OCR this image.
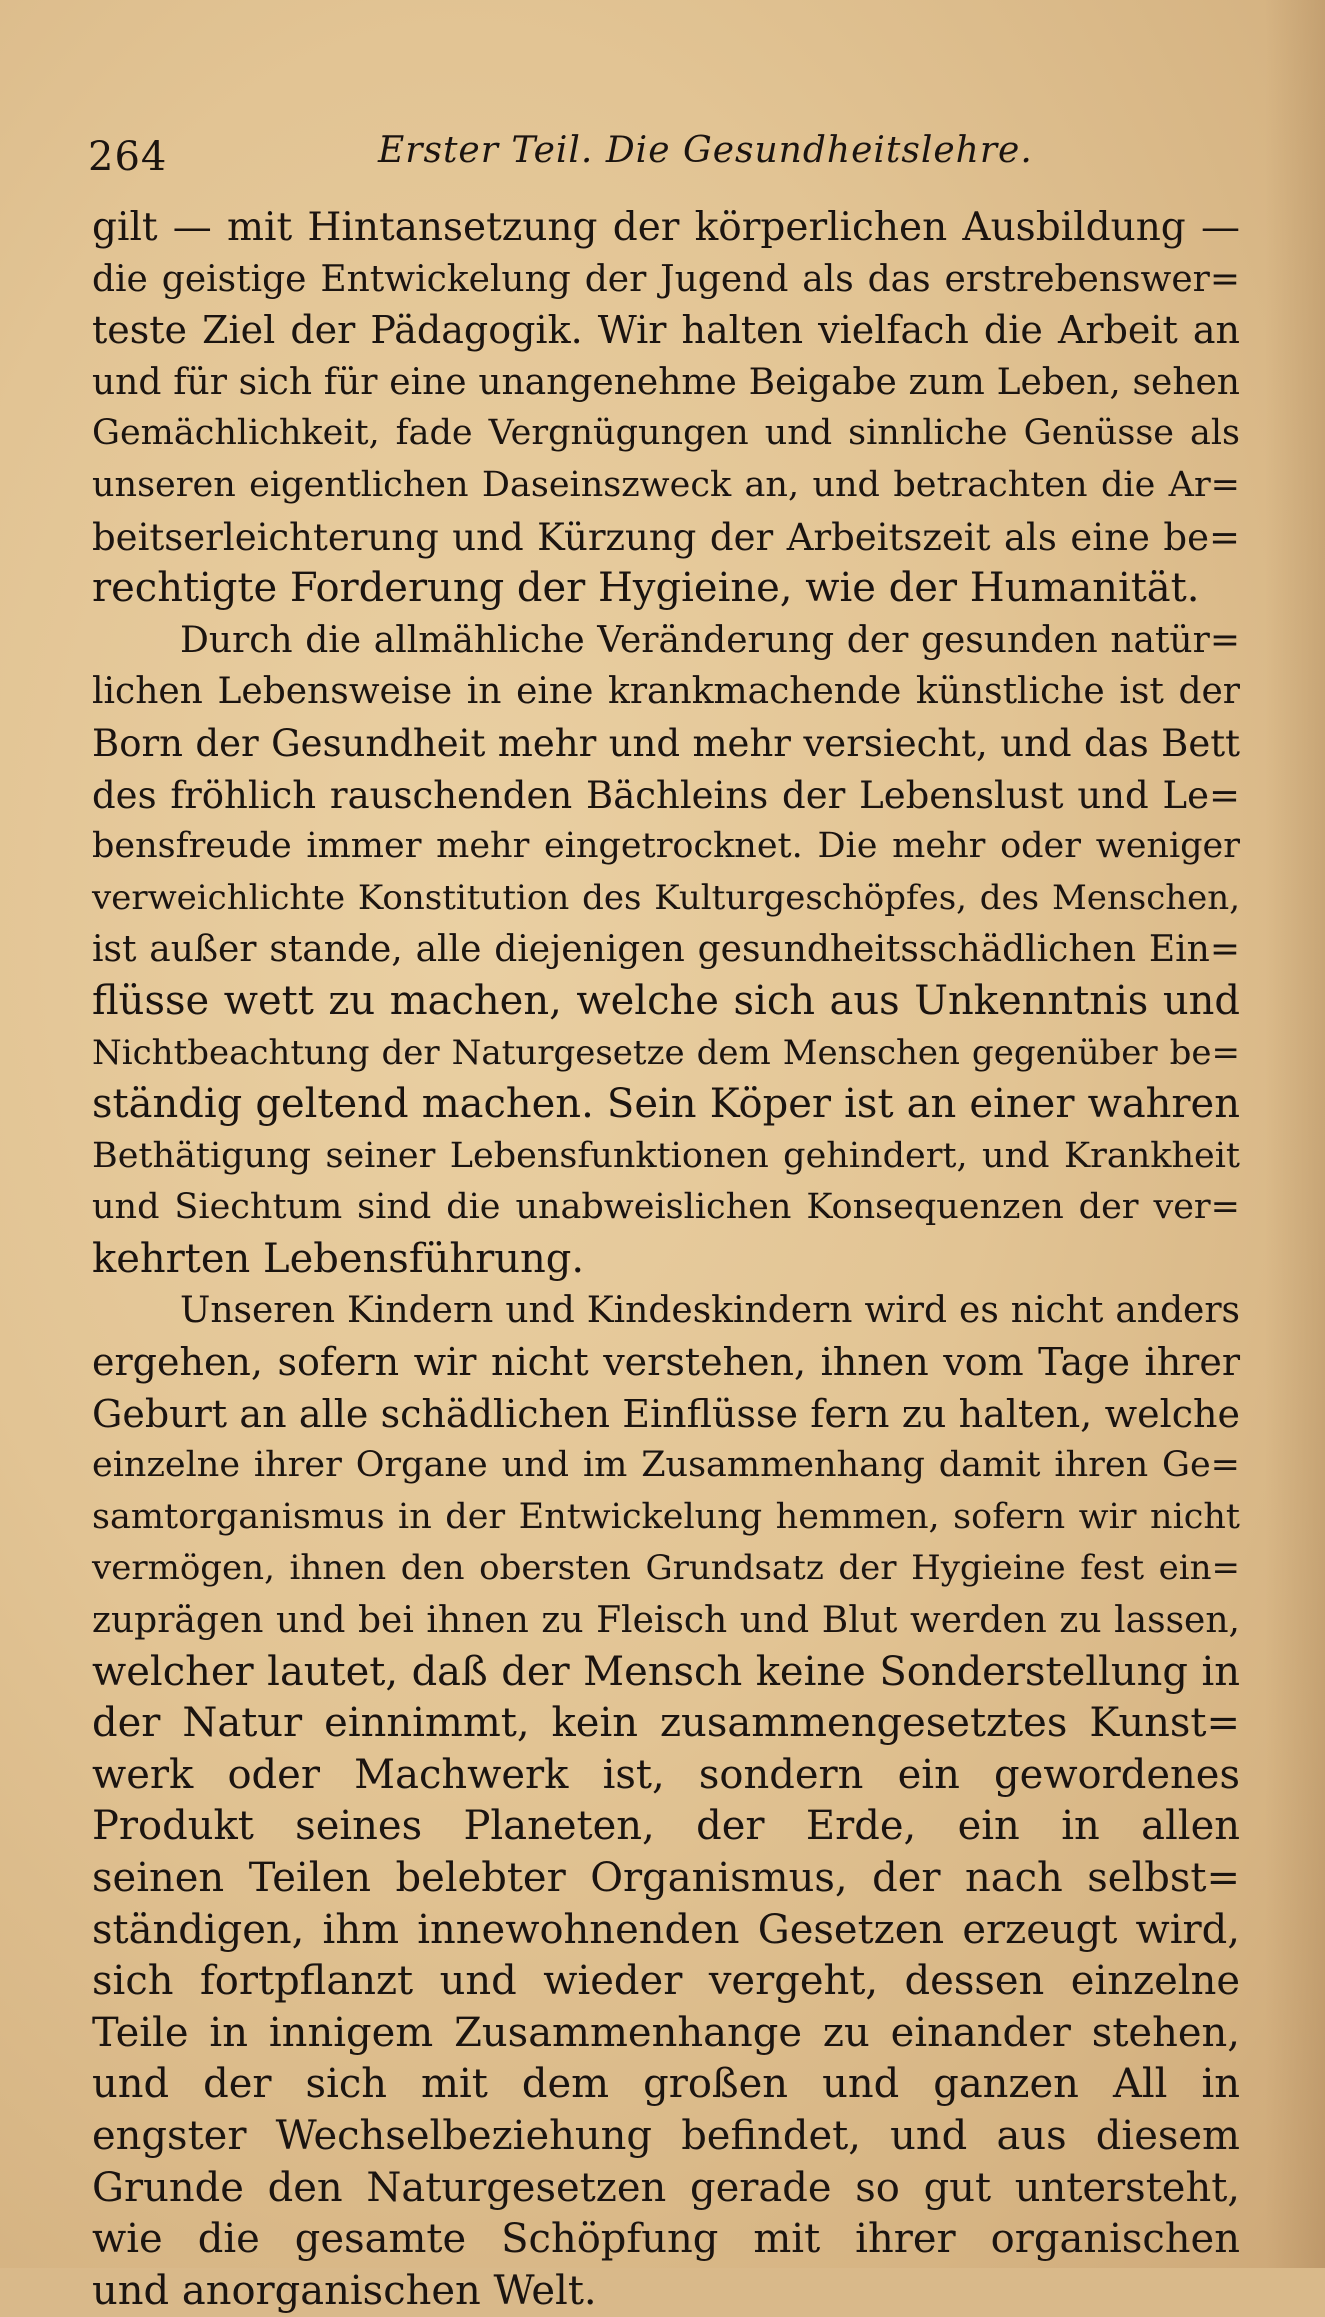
264	Erster Teil. Die Gesundheitslehre.
gilt — mit Hintansetzung der körperlichen Ausbildung —
die geistige Entwickelung der Jugend als das erstrebenswer=
teste Ziel der Pädagogik. Wir halten vielfach die Arbeit an
und für sich für eine unangenehme Beigabe zum Leben, sehen
Gemächlichkeit, fade Vergnügungen und sinnliche Genüsse als
unseren eigentlichen Daseinszweck an, und betrachten die Ar=
beitserleichterung und Kürzung der Arbeitszeit als eine be=
rechtigte Forderung der Hygieine, wie der Humanität.
Durch die allmähliche Veränderung der gesunden natür=
lichen Lebensweise in eine krankmachende künstliche ist der
Born der Gesundheit mehr und mehr versiecht, und das Bett
des fröhlich rauschenden Bächleins der Lebenslust und Le=
bensfreude immer mehr eingetrocknet. Die mehr oder weniger
verweichlichte Konstitution des Kulturgeschöpfes, des Menschen,
ist außer stande, alle diejenigen gesundheitsschädlichen Ein=
flüsse wett zu machen, welche sich aus Unkenntnis und
Nichtbeachtung der Naturgesetze dem Menschen gegenüber be=
ständig geltend machen. Sein Köper ist an einer wahren
Bethätigung seiner Lebensfunktionen gehindert, und Krankheit
und Siechtum sind die unabweislichen Konsequenzen der ver=
kehrten Lebensführung.
Unseren Kindern und Kindeskindern wird es nicht anders
ergehen, sofern wir nicht verstehen, ihnen vom Tage ihrer
Geburt an alle schädlichen Einflüsse fern zu halten, welche
einzelne ihrer Organe und im Zusammenhang damit ihren Ge=
samtorganismus in der Entwickelung hemmen, sofern wir nicht
vermögen, ihnen den obersten Grundsatz der Hygieine fest ein=
zuprägen und bei ihnen zu Fleisch und Blut werden zu lassen,
welcher lautet, daß der Mensch keine Sonderstellung in
der Natur einnimmt, kein zusammengesetztes Kunst=
werk oder Machwerk ist, sondern ein gewordenes
Produkt seines Planeten, der Erde, ein in allen
seinen Teilen belebter Organismus, der nach selbst=
ständigen, ihm innewohnenden Gesetzen erzeugt wird,
sich fortpflanzt und wieder vergeht, dessen einzelne
Teile in innigem Zusammenhange zu einander stehen,
und der sich mit dem großen und ganzen All in
engster Wechselbeziehung befindet, und aus diesem
Grunde den Naturgesetzen gerade so gut untersteht,
wie die gesamte Schöpfung mit ihrer organischen
und anorganischen Welt.
